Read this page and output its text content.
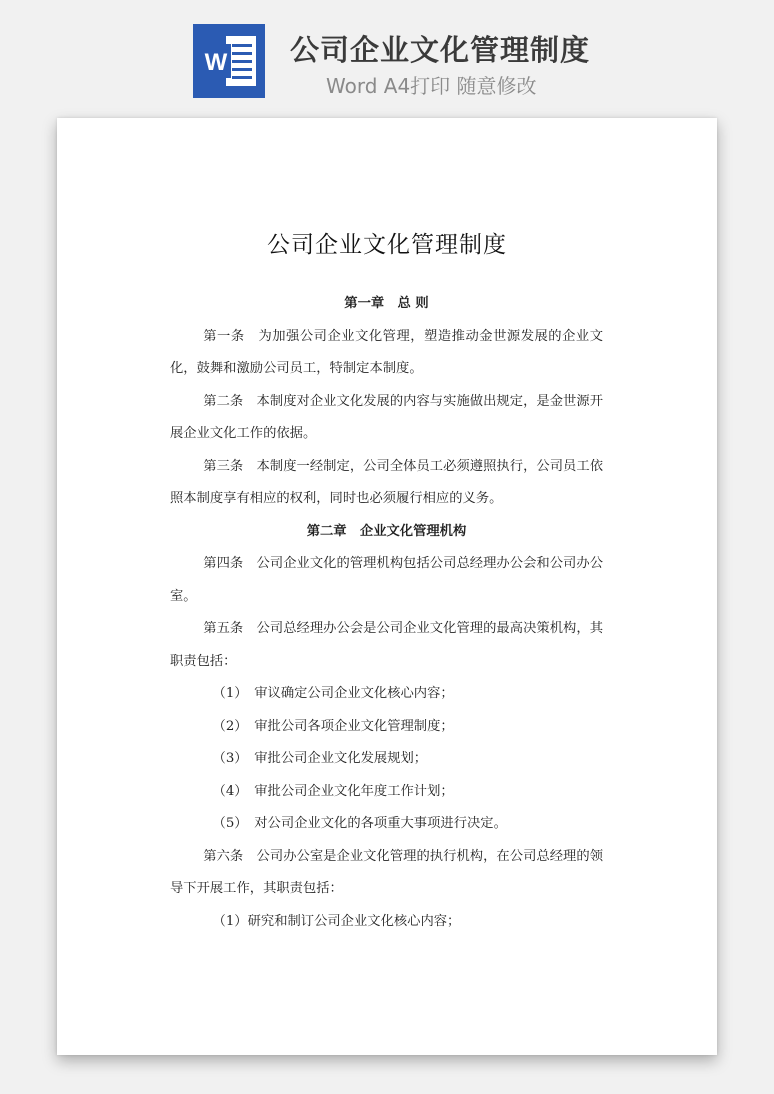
W 公司企业文化管理制度
Word A4打印 随意修改
公司企业文化管理制度

第一章　总 则

第一条　为加强公司企业文化管理，塑造推动金世源发展的企业文化，鼓舞和激励公司员工，特制定本制度。

第二条　本制度对企业文化发展的内容与实施做出规定，是金世源开展企业文化工作的依据。

第三条　本制度一经制定，公司全体员工必须遵照执行，公司员工依照本制度享有相应的权利，同时也必须履行相应的义务。

第二章　企业文化管理机构

第四条　公司企业文化的管理机构包括公司总经理办公会和公司办公室。

第五条　公司总经理办公会是公司企业文化管理的最高决策机构，其职责包括：

（1）　审议确定公司企业文化核心内容；

（2）　审批公司各项企业文化管理制度；

（3）　审批公司企业文化发展规划；

（4）　审批公司企业文化年度工作计划；

（5）　对公司企业文化的各项重大事项进行决定。

第六条　公司办公室是企业文化管理的执行机构，在公司总经理的领导下开展工作，其职责包括：

（1）研究和制订公司企业文化核心内容；
